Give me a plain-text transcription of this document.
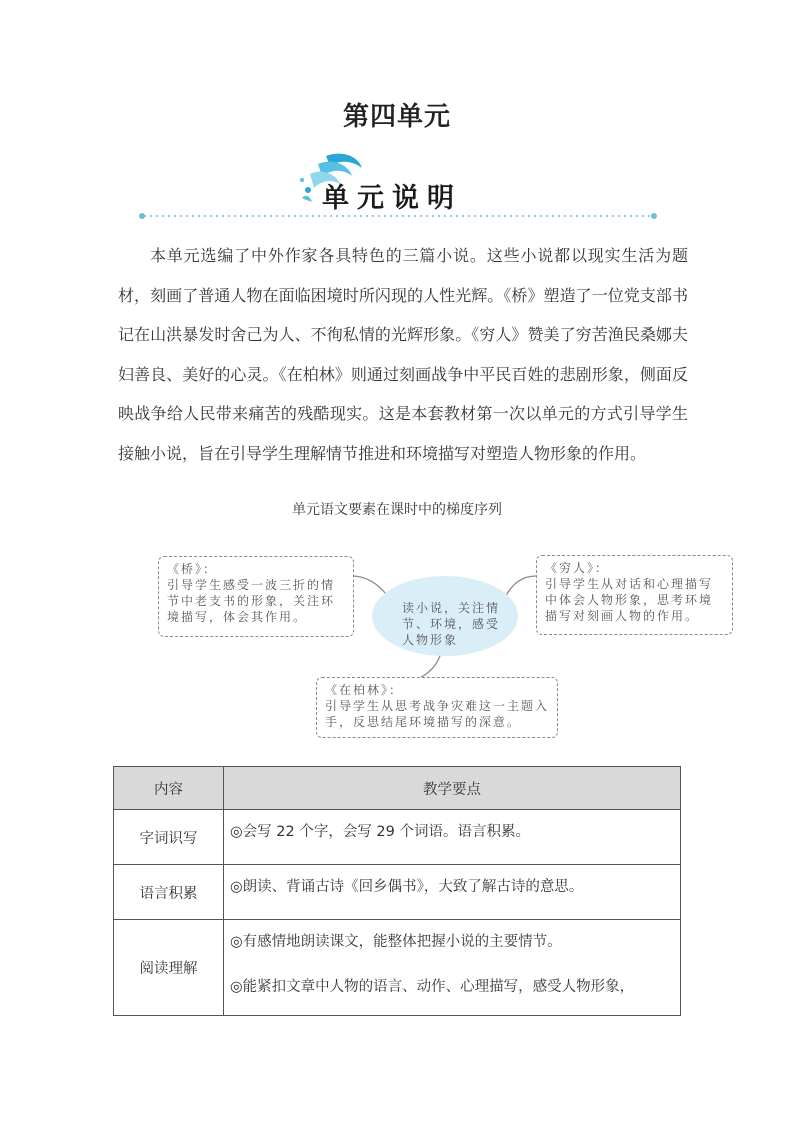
第四单元
单元说明
本单元选编了中外作家各具特色的三篇小说。这些小说都以现实生活为题材，刻画了普通人物在面临困境时所闪现的人性光辉。《桥》塑造了一位党支部书记在山洪暴发时舍己为人、不徇私情的光辉形象。《穷人》赞美了穷苦渔民桑娜夫妇善良、美好的心灵。《在柏林》则通过刻画战争中平民百姓的悲剧形象，侧面反映战争给人民带来痛苦的残酷现实。这是本套教材第一次以单元的方式引导学生接触小说，旨在引导学生理解情节推进和环境描写对塑造人物形象的作用。
单元语文要素在课时中的梯度序列
《桥》：
引导学生感受一波三折的情节中老支书的形象，关注环境描写，体会其作用。
读小说，关注情节、环境，感受人物形象
《穷人》：
引导学生从对话和心理描写中体会人物形象，思考环境描写对刻画人物的作用。
《在柏林》：
引导学生从思考战争灾难这一主题入手，反思结尾环境描写的深意。
内容	教学要点
字词识写	◎会写 22 个字，会写 29 个词语。语言积累。

语言积累	◎朗读、背诵古诗《回乡偶书》，大致了解古诗的意思。

阅读理解	◎有感情地朗读课文，能整体把握小说的主要情节。
◎能紧扣文章中人物的语言、动作、心理描写，感受人物形象，
